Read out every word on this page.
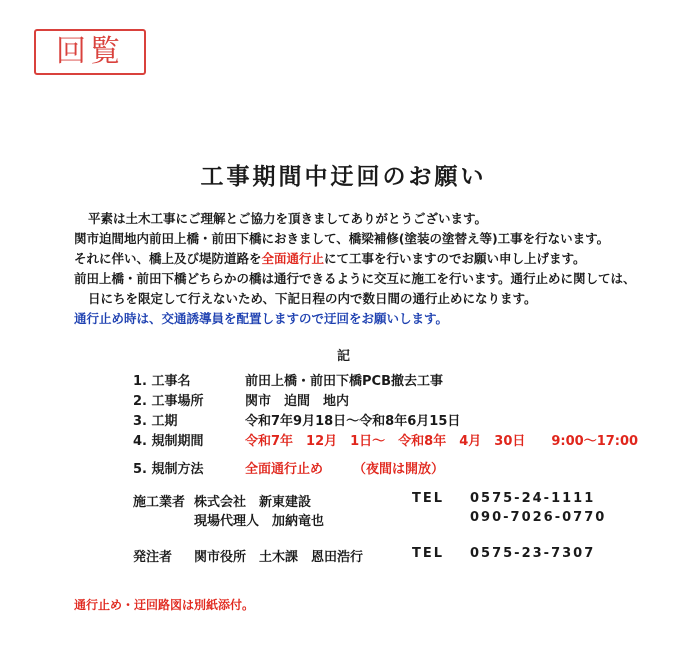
回覧
工事期間中迂回のお願い
平素は土木工事にご理解とご協力を頂きましてありがとうございます。
関市迫間地内前田上橋・前田下橋におきまして、橋梁補修(塗装の塗替え等)工事を行ないます。
それに伴い、橋上及び堤防道路を全面通行止にて工事を行いますのでお願い申し上げます。
前田上橋・前田下橋どちらかの橋は通行できるように交互に施工を行います。通行止めに関しては、
日にちを限定して行えないため、下記日程の内で数日間の通行止めになります。
通行止め時は、交通誘導員を配置しますので迂回をお願いします。
記
1. 工事名	前田上橋・前田下橋PCB撤去工事
2. 工事場所	関市　迫間　地内
3. 工期	令和7年9月18日～令和8年6月15日
4. 規制期間	令和7年　12月　1日～　令和8年　4月　30日　　9:00～17:00
5. 規制方法	全面通行止め （夜間は開放）
施工業者 株式会社　新東建設	TEL 0575-24-1111
現場代理人　加納竜也	090-7026-0770
発注者 関市役所　土木課　恩田浩行	TEL 0575-23-7307
通行止め・迂回路図は別紙添付。
